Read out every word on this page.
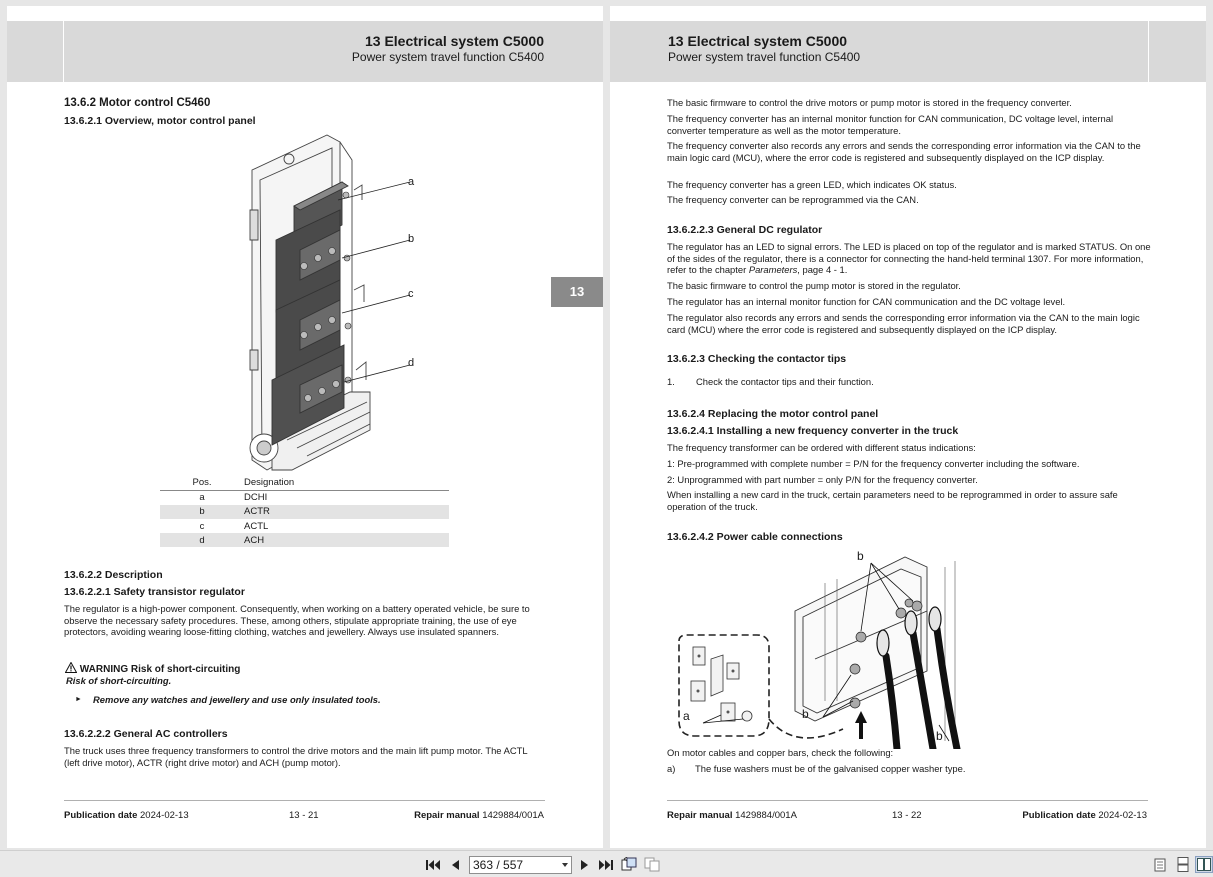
13 Electrical system C5000
Power system travel function C5400
13.6.2 Motor control C5460
13.6.2.1 Overview, motor control panel
a
b
c
d
Pos.	Designation
a	DCHI
b	ACTR
c	ACTL
d	ACH
13.6.2.2 Description
13.6.2.2.1 Safety transistor regulator
The regulator is a high-power component. Consequently, when working on a battery operated vehicle, be sure to observe the necessary safety procedures. These, among others, stipulate appropriate training, the use of eye protectors, avoiding wearing loose-fitting clothing, watches and jewellery. Always use insulated spanners.
WARNING Risk of short-circuiting
Risk of short-circuiting.
► Remove any watches and jewellery and use only insulated tools.
13.6.2.2.2 General AC controllers
The truck uses three frequency transformers to control the drive motors and the main lift pump motor. The ACTL (left drive motor), ACTR (right drive motor) and ACH (pump motor).
Publication date 2024-02-13	13 - 21	Repair manual 1429884/001A
13
13 Electrical system C5000
Power system travel function C5400
The basic firmware to control the drive motors or pump motor is stored in the frequency converter.
The frequency converter has an internal monitor function for CAN communication, DC voltage level, internal converter temperature as well as the motor temperature.
The frequency converter also records any errors and sends the corresponding error information via the CAN to the main logic card (MCU), where the error code is registered and subsequently displayed on the ICP display.
The frequency converter has a green LED, which indicates OK status.
The frequency converter can be reprogrammed via the CAN.
13.6.2.2.3 General DC regulator
The regulator has an LED to signal errors. The LED is placed on top of the regulator and is marked STATUS. On one of the sides of the regulator, there is a connector for connecting the hand-held terminal 1307. For more information, refer to the chapter Parameters, page 4 - 1.
The basic firmware to control the pump motor is stored in the regulator.
The regulator has an internal monitor function for CAN communication and the DC voltage level.
The regulator also records any errors and sends the corresponding error information via the CAN to the main logic card (MCU) where the error code is registered and subsequently displayed on the ICP display.
13.6.2.3 Checking the contactor tips
1. Check the contactor tips and their function.
13.6.2.4 Replacing the motor control panel
13.6.2.4.1 Installing a new frequency converter in the truck
The frequency transformer can be ordered with different status indications:
1: Pre-programmed with complete number = P/N for the frequency converter including the software.
2: Unprogrammed with part number = only P/N for the frequency converter.
When installing a new card in the truck, certain parameters need to be reprogrammed in order to assure safe operation of the truck.
13.6.2.4.2 Power cable connections
b
a	b
b
On motor cables and copper bars, check the following:
a) The fuse washers must be of the galvanised copper washer type.
Repair manual 1429884/001A	13 - 22	Publication date 2024-02-13
363 / 557
